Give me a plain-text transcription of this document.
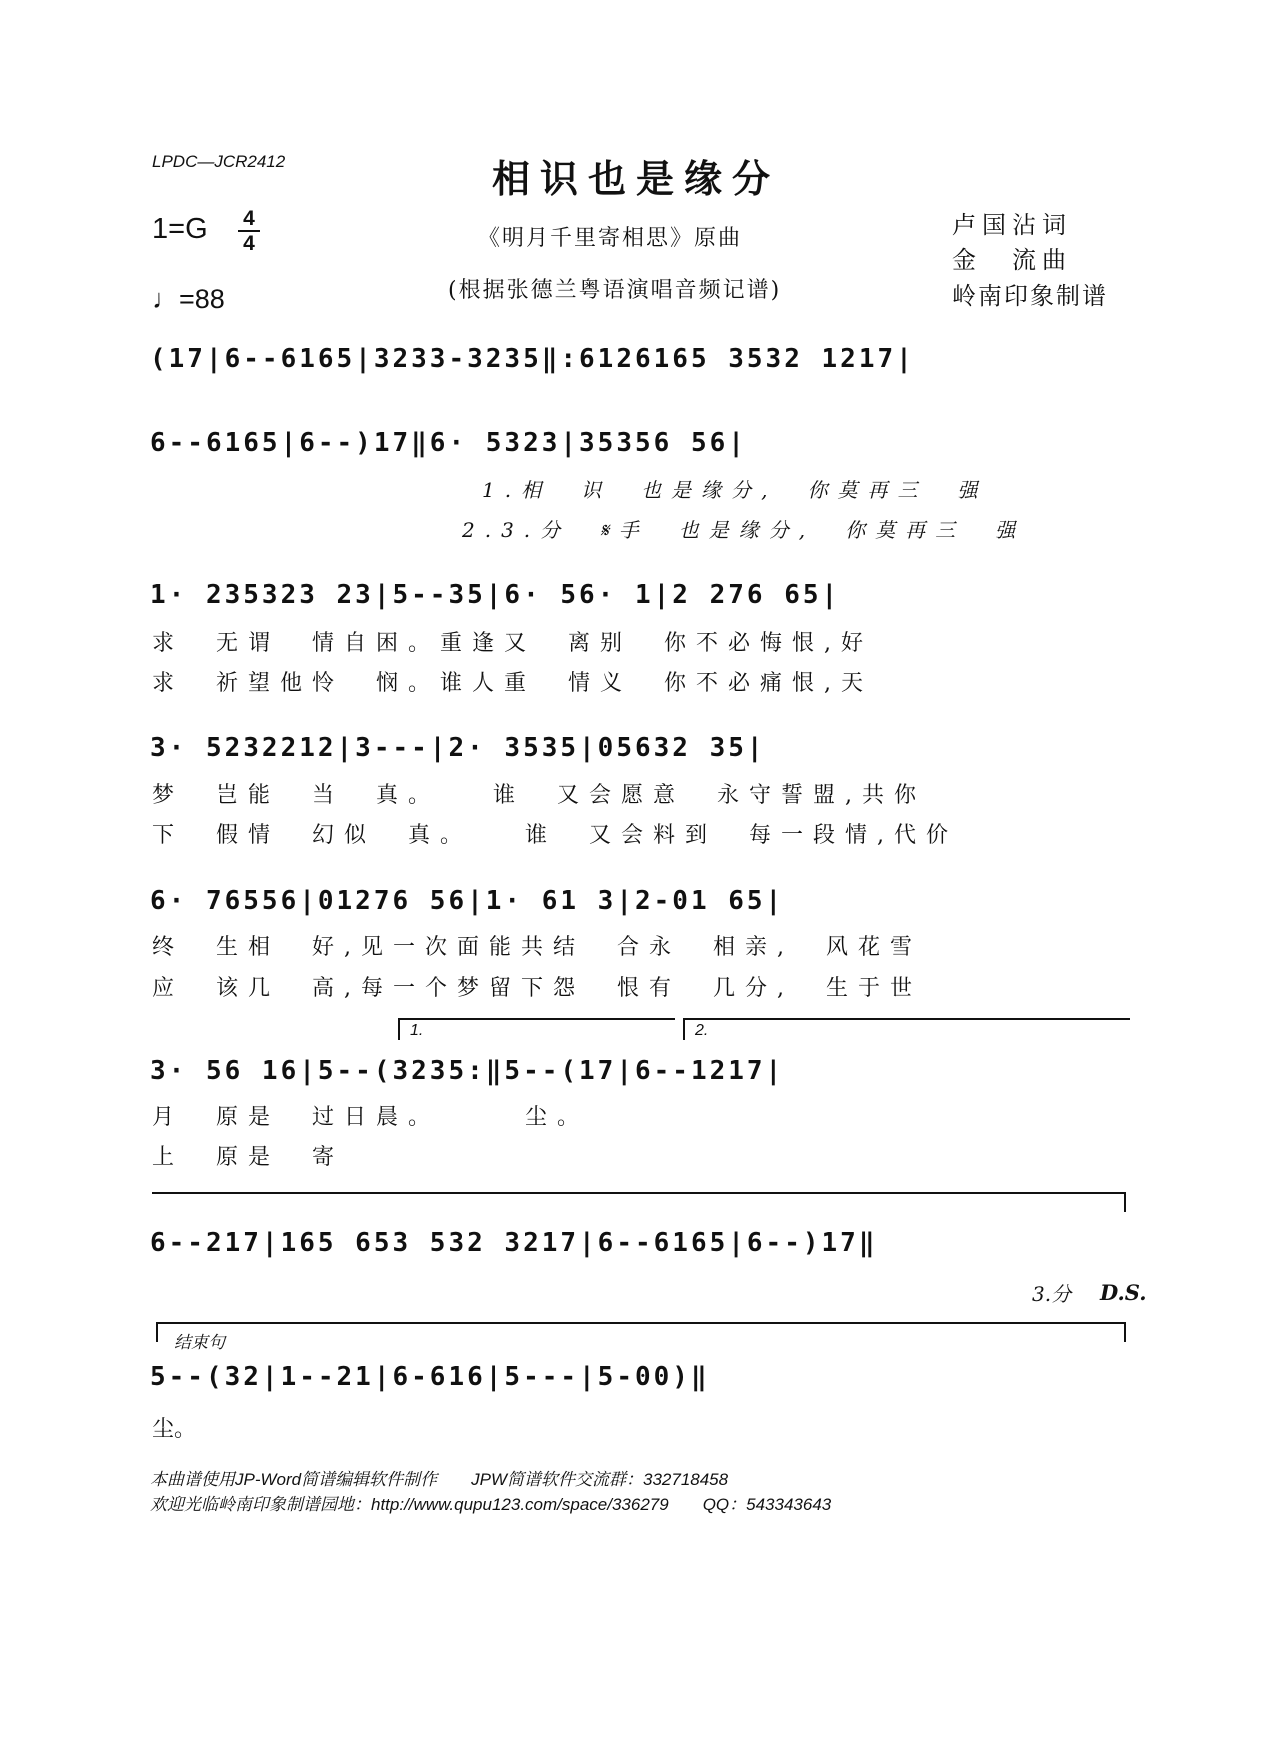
LPDC—JCR2412	相识也是缘分
1=G 4
4
♩=88
《明月千里寄相思》原曲
(根据张德兰粤语演唱音频记谱)
卢国沾词
金　流曲
岭南印象制谱
(17|6--6165|3233-3235‖:6126165 3532 1217|
6--6165|6--)17‖6· 5323|35356 56|
1.相　识　也是缘分,　你莫再三　强
2.3.分　𝄋手　也是缘分,　你莫再三　强
1· 235323 23|5--35|6· 56· 1|2 276 65|
求　无谓　情自困。重逢又　离别　你不必悔恨,好
求　祈望他怜　悯。谁人重　情义　你不必痛恨,天
3· 5232212|3---|2· 3535|05632 35|
梦　岂能　当　真。　　谁　又会愿意　永守誓盟,共你
下　假情　幻似　真。　　谁　又会料到　每一段情,代价
6· 76556|01276 56|1· 61 3|2-01 65|
终　生相　好,见一次面能共结　合永　相亲,　风花雪
应　该几　高,每一个梦留下怨　恨有　几分,　生于世
1.	2.
3· 56 16|5--(3235:‖5--(17|6--1217|
月　原是　过日晨。　　　尘。
上　原是　寄
6--217|165 653 532 3217|6--6165|6--)17‖
3.分 D.S.
结束句
5--(32|1--21|6-616|5---|5-00)‖
尘。
本曲谱使用JP-Word简谱编辑软件制作　　JPW简谱软件交流群：332718458
欢迎光临岭南印象制谱园地：http://www.qupu123.com/space/336279　　QQ：543343643
